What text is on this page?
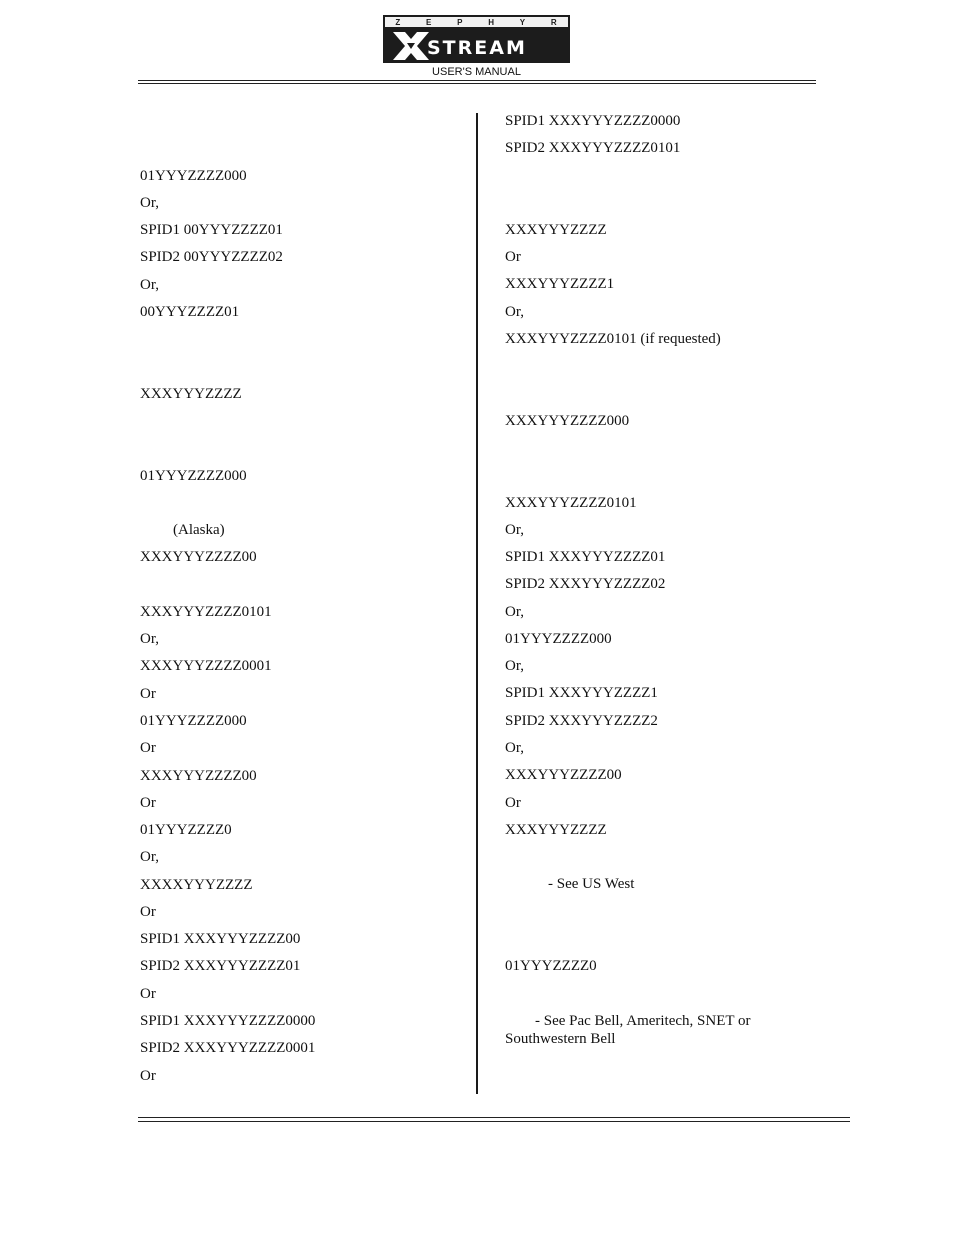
Z	E	P	H	Y	R
STREAM
USER'S MANUAL
01YYYZZZZ000
Or,
SPID1 00YYYZZZZ01
SPID2 00YYYZZZZ02
Or,
00YYYZZZZ01
XXXYYYZZZZ
01YYYZZZZ000
(Alaska)
XXXYYYZZZZ00
XXXYYYZZZZ0101
Or,
XXXYYYZZZZ0001
Or
01YYYZZZZ000
Or
XXXYYYZZZZ00
Or
01YYYZZZZ0
Or,
XXXXYYYZZZZ
Or
SPID1 XXXYYYZZZZ00
SPID2 XXXYYYZZZZ01
Or
SPID1 XXXYYYZZZZ0000
SPID2 XXXYYYZZZZ0001
Or
SPID1 XXXYYYZZZZ0000
SPID2 XXXYYYZZZZ0101
XXXYYYZZZZ
Or
XXXYYYZZZZ1
Or,
XXXYYYZZZZ0101 (if requested)
XXXYYYZZZZ000
XXXYYYZZZZ0101
Or,
SPID1 XXXYYYZZZZ01
SPID2 XXXYYYZZZZ02
Or,
01YYYZZZZ000
Or,
SPID1 XXXYYYZZZZ1
SPID2 XXXYYYZZZZ2
Or,
XXXYYYZZZZ00
Or
XXXYYYZZZZ
- See US West
01YYYZZZZ0
- See Pac Bell, Ameritech, SNET or Southwestern Bell
